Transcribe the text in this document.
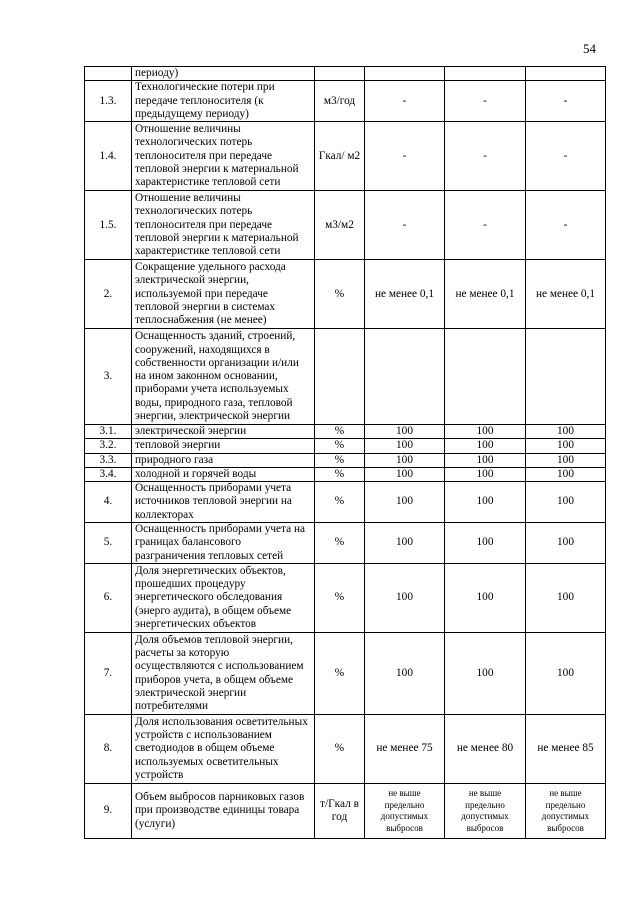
54
	периоду)				
1.3.	Технологические потери при передаче теплоносителя (к предыдущему периоду)	м3/год	-	-	-
1.4.	Отношение величины технологических потерь теплоносителя при передаче тепловой энергии к материальной характеристике тепловой сети	Гкал/ м2	-	-	-
1.5.	Отношение величины технологических потерь теплоносителя при передаче тепловой энергии к материальной характеристике тепловой сети	м3/м2	-	-	-
2.	Сокращение удельного расхода электрической энергии, используемой при передаче тепловой энергии в системах теплоснабжения (не менее)	%	не менее 0,1	не менее 0,1	не менее 0,1
3.	Оснащенность зданий, строений, сооружений, находящихся в собственности организации и/или на ином законном основании, приборами учета используемых воды, природного газа, тепловой энергии, электрической энергии				
3.1.	электрической энергии	%	100	100	100
3.2.	тепловой энергии	%	100	100	100
3.3.	природного газа	%	100	100	100
3.4.	холодной и горячей воды	%	100	100	100
4.	Оснащенность приборами учета источников тепловой энергии на коллекторах	%	100	100	100
5.	Оснащенность приборами учета на границах балансового разграничения тепловых сетей	%	100	100	100
6.	Доля энергетических объектов, прошедших процедуру энергетического обследования (энерго аудита), в общем объеме энергетических объектов	%	100	100	100
7.	Доля объемов тепловой энергии, расчеты за которую осуществляются с использованием приборов учета, в общем объеме электрической энергии потребителями	%	100	100	100
8.	Доля использования осветительных устройств с использованием светодиодов в общем объеме используемых осветительных устройств	%	не менее 75	не менее 80	не менее 85
9.	Объем выбросов парниковых газов при производстве единицы товара (услуги)	т/Гкал в год	не выше предельно допустимых выбросов	не выше предельно допустимых выбросов	не выше предельно допустимых выбросов
